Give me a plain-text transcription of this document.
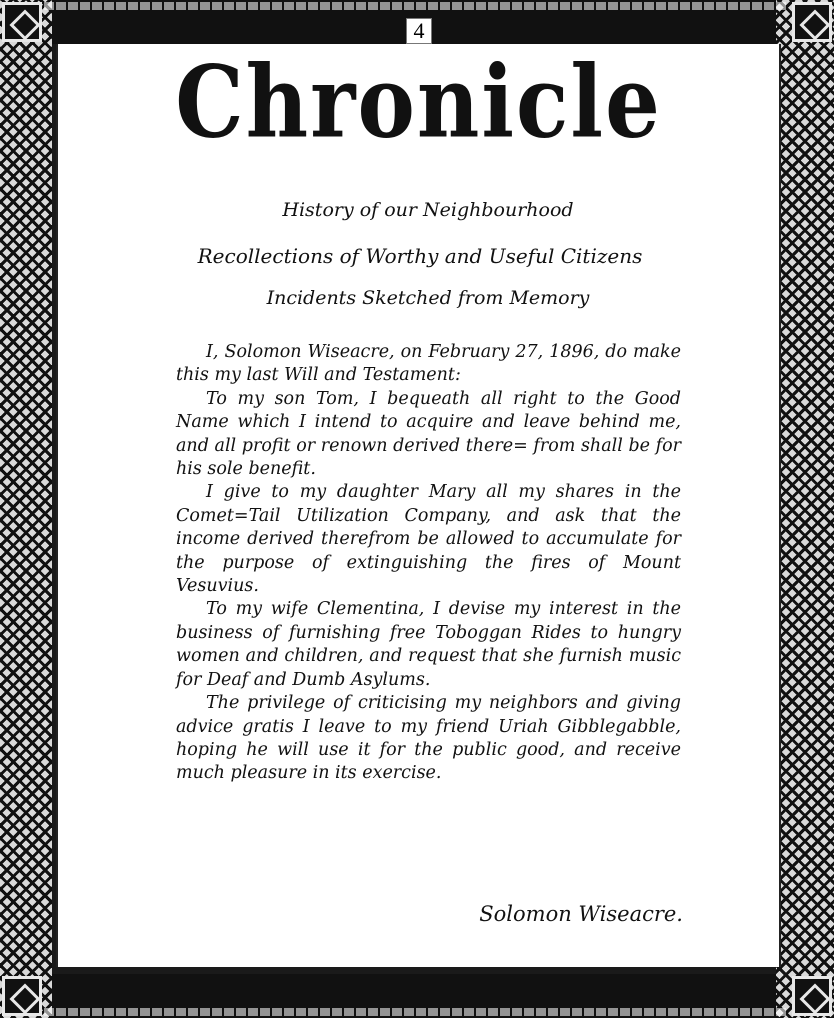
4
Chronicle
History of our Neighbourhood
Recollections of Worthy and Useful Citizens
Incidents Sketched from Memory

I, Solomon Wiseacre, on February 27, 1896, do make this my last Will and Testament:

To my son Tom, I bequeath all right to the Good Name which I intend to acquire and leave behind me, and all profit or renown derived there= from shall be for his sole benefit.

I give to my daughter Mary all my shares in the Comet=Tail Utilization Company, and ask that the income derived therefrom be allowed to accumulate for the purpose of extinguishing the fires of Mount Vesuvius.

To my wife Clementina, I devise my interest in the business of furnishing free Toboggan Rides to hungry women and children, and request that she furnish music for Deaf and Dumb Asylums.

The privilege of criticising my neighbors and giving advice gratis I leave to my friend Uriah Gibblegabble, hoping he will use it for the public good, and receive much pleasure in its exercise.

Solomon Wiseacre.
